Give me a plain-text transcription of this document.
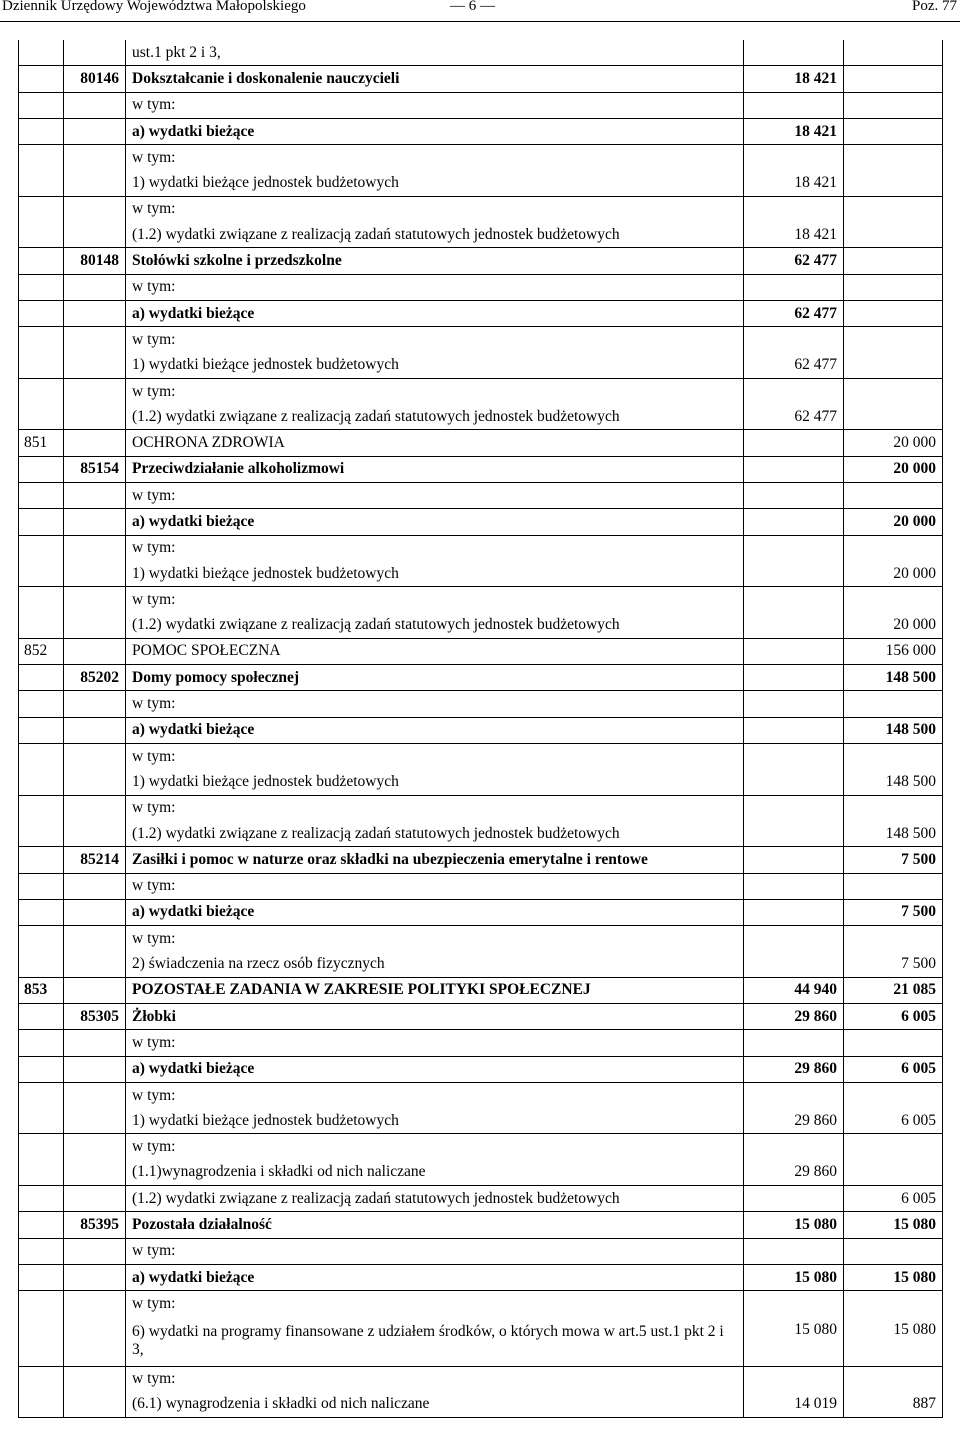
Dziennik Urzędowy Województwa Małopolskiego	— 6 —	Poz. 77
		ust.1 pkt 2 i 3,		
	80146	Dokształcanie i doskonalenie nauczycieli	18 421	
		w tym:		
		a) wydatki bieżące	18 421	
		w tym:		
		1) wydatki bieżące jednostek budżetowych	18 421	
		w tym:		
		(1.2) wydatki związane z realizacją zadań statutowych jednostek budżetowych	18 421	
	80148	Stołówki szkolne i przedszkolne	62 477	
		w tym:		
		a) wydatki bieżące	62 477	
		w tym:		
		1) wydatki bieżące jednostek budżetowych	62 477	
		w tym:		
		(1.2) wydatki związane z realizacją zadań statutowych jednostek budżetowych	62 477	
851		OCHRONA ZDROWIA		20 000
	85154	Przeciwdziałanie alkoholizmowi		20 000
		w tym:		
		a) wydatki bieżące		20 000
		w tym:		
		1) wydatki bieżące jednostek budżetowych		20 000
		w tym:		
		(1.2) wydatki związane z realizacją zadań statutowych jednostek budżetowych		20 000
852		POMOC SPOŁECZNA		156 000
	85202	Domy pomocy społecznej		148 500
		w tym:		
		a) wydatki bieżące		148 500
		w tym:		
		1) wydatki bieżące jednostek budżetowych		148 500
		w tym:		
		(1.2) wydatki związane z realizacją zadań statutowych jednostek budżetowych		148 500
	85214	Zasiłki i pomoc w naturze oraz składki na ubezpieczenia emerytalne i rentowe		7 500
		w tym:		
		a) wydatki bieżące		7 500
		w tym:		
		2) świadczenia na rzecz osób fizycznych		7 500
853		POZOSTAŁE ZADANIA W ZAKRESIE POLITYKI SPOŁECZNEJ	44 940	21 085
	85305	Żłobki	29 860	6 005
		w tym:		
		a) wydatki bieżące	29 860	6 005
		w tym:		
		1) wydatki bieżące jednostek budżetowych	29 860	6 005
		w tym:		
		(1.1)wynagrodzenia i składki od nich naliczane	29 860	
		(1.2) wydatki związane z realizacją zadań statutowych jednostek budżetowych		6 005
	85395	Pozostała działalność	15 080	15 080
		w tym:		
		a) wydatki bieżące	15 080	15 080
		w tym:		
		6) wydatki na programy finansowane z udziałem środków, o których mowa w art.5 ust.1 pkt 2 i 3,	15 080	15 080
		w tym:		
		(6.1) wynagrodzenia i składki od nich naliczane	14 019	887
